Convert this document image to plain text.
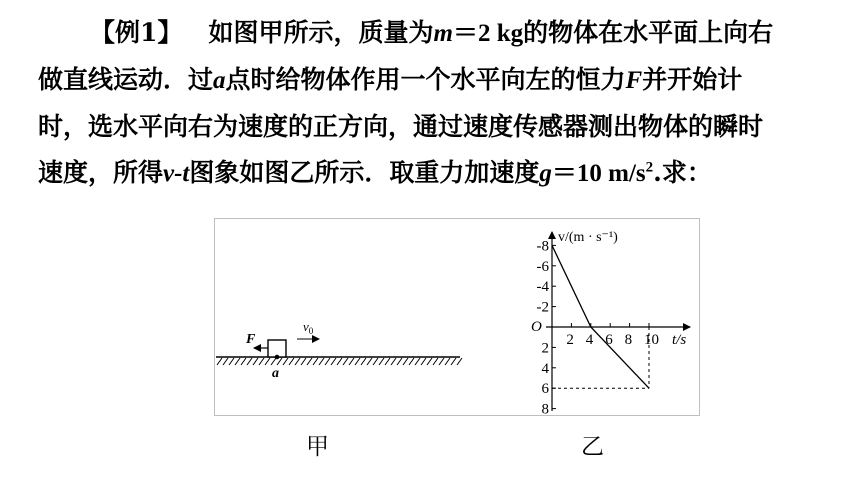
【例1】 如图甲所示，质量为m＝2 kg的物体在水平面上向右
做直线运动．过a点时给物体作用一个水平向左的恒力F并开始计
时，选水平向右为速度的正方向，通过速度传感器测出物体的瞬时
速度，所得v-t图象如图乙所示．取重力加速度g＝10 $m/s^2$.求：
F
$v_0$
a
v/(m · s⁻¹)
t/s
O
2 4 6 8 10
8
6
4
2
-2
-4
-6
-8
甲	乙
